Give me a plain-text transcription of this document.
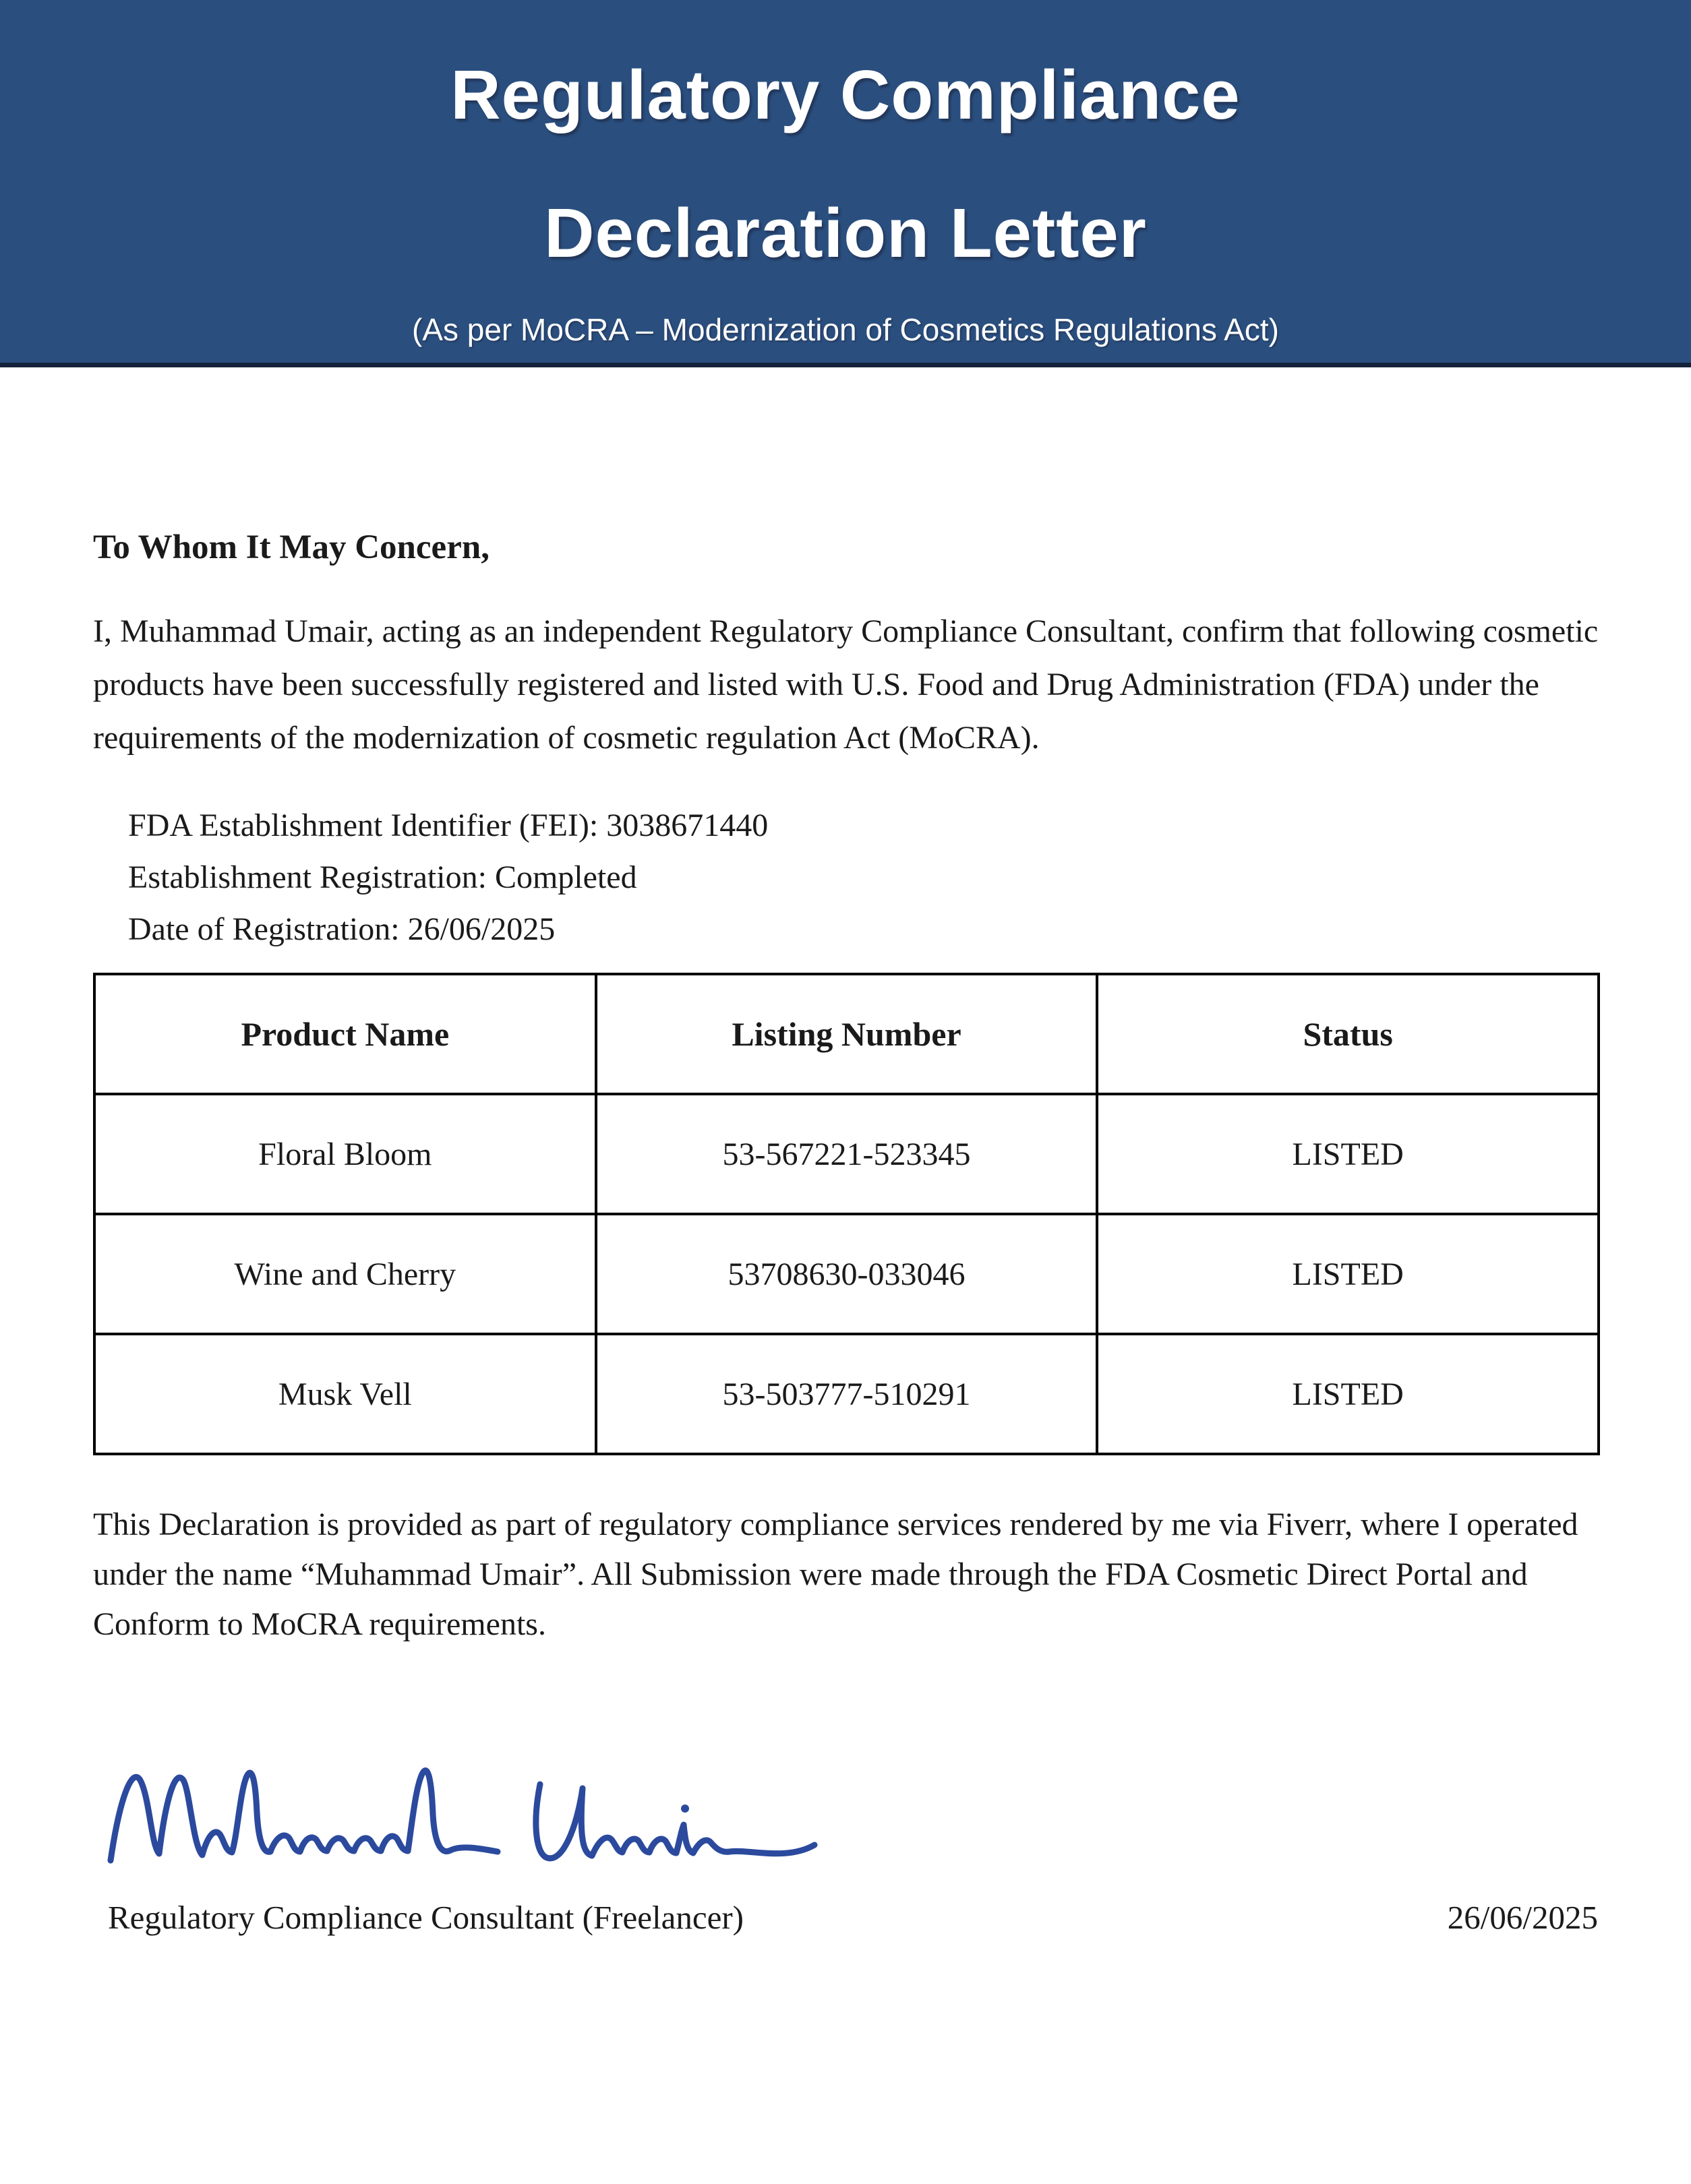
Regulatory Compliance
Declaration Letter
(As per MoCRA – Modernization of Cosmetics Regulations Act)
To Whom It May Concern,
I, Muhammad Umair, acting as an independent Regulatory Compliance Consultant, confirm that following cosmetic products have been successfully registered and listed with U.S. Food and Drug Administration (FDA) under the requirements of the modernization of cosmetic regulation Act (MoCRA).
FDA Establishment Identifier (FEI): 3038671440
Establishment Registration: Completed
Date of Registration: 26/06/2025
Product Name	Listing Number	Status
Floral Bloom	53-567221-523345	LISTED
Wine and Cherry	53708630-033046	LISTED
Musk Vell	53-503777-510291	LISTED
This Declaration is provided as part of regulatory compliance services rendered by me via Fiverr, where I operated under the name “Muhammad Umair”. All Submission were made through the FDA Cosmetic Direct Portal and Conform to MoCRA requirements.
Regulatory Compliance Consultant (Freelancer)	26/06/2025
